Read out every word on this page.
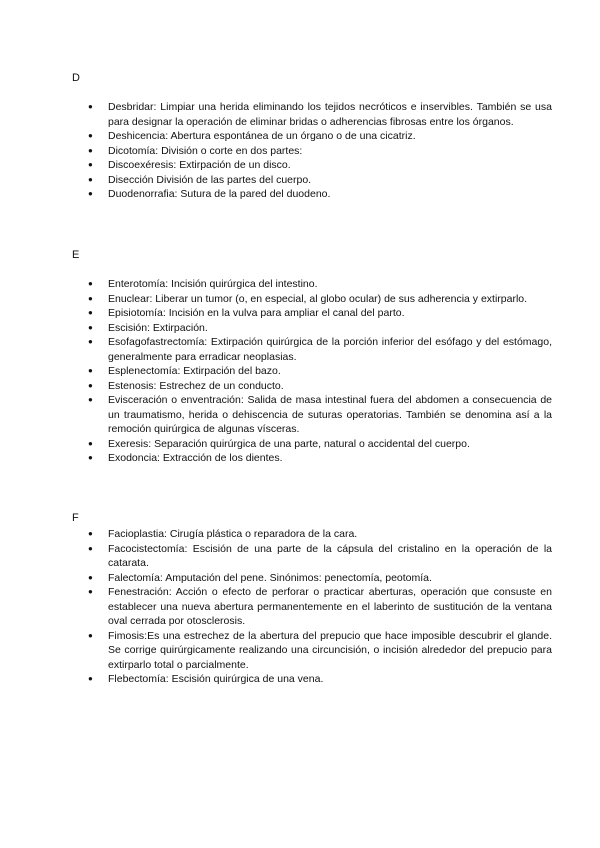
D
● Desbridar: Limpiar una herida eliminando los tejidos necróticos e inservibles. También se usa para designar la operación de eliminar bridas o adherencias fibrosas entre los órganos.
● Deshicencia: Abertura espontánea de un órgano o de una cicatriz.
● Dicotomía: División o corte en dos partes:
● Discoexéresis: Extirpación de un disco.
● Disección División de las partes del cuerpo.
● Duodenorrafia: Sutura de la pared del duodeno.
E
● Enterotomía: Incisión quirúrgica del intestino.
● Enuclear: Liberar un tumor (o, en especial, al globo ocular) de sus adherencia y extirparlo.
● Episiotomía: Incisión en la vulva para ampliar el canal del parto.
● Escisión: Extirpación.
● Esofagofastrectomía: Extirpación quirúrgica de la porción inferior del esófago y del estómago, generalmente para erradicar neoplasias.
● Esplenectomía: Extirpación del bazo.
● Estenosis: Estrechez de un conducto.
● Evisceración o enventración: Salida de masa intestinal fuera del abdomen a consecuencia de un traumatismo, herida o dehiscencia de suturas operatorias. También se denomina así a la remoción quirúrgica de algunas vísceras.
● Exeresis: Separación quirúrgica de una parte, natural o accidental del cuerpo.
● Exodoncia: Extracción de los dientes.
F
● Facioplastia: Cirugía plástica o reparadora de la cara.
● Facocistectomía: Escisión de una parte de la cápsula del cristalino en la operación de la catarata.
● Falectomía: Amputación del pene. Sinónimos: penectomía, peotomía.
● Fenestración: Acción o efecto de perforar o practicar aberturas, operación que consuste en establecer una nueva abertura permanentemente en el laberinto de sustitución de la ventana oval cerrada por otosclerosis.
● Fimosis:Es una estrechez de la abertura del prepucio que hace imposible descubrir el glande. Se corrige quirúrgicamente realizando una circuncisión, o incisión alrededor del prepucio para extirparlo total o parcialmente.
● Flebectomía: Escisión quirúrgica de una vena.
